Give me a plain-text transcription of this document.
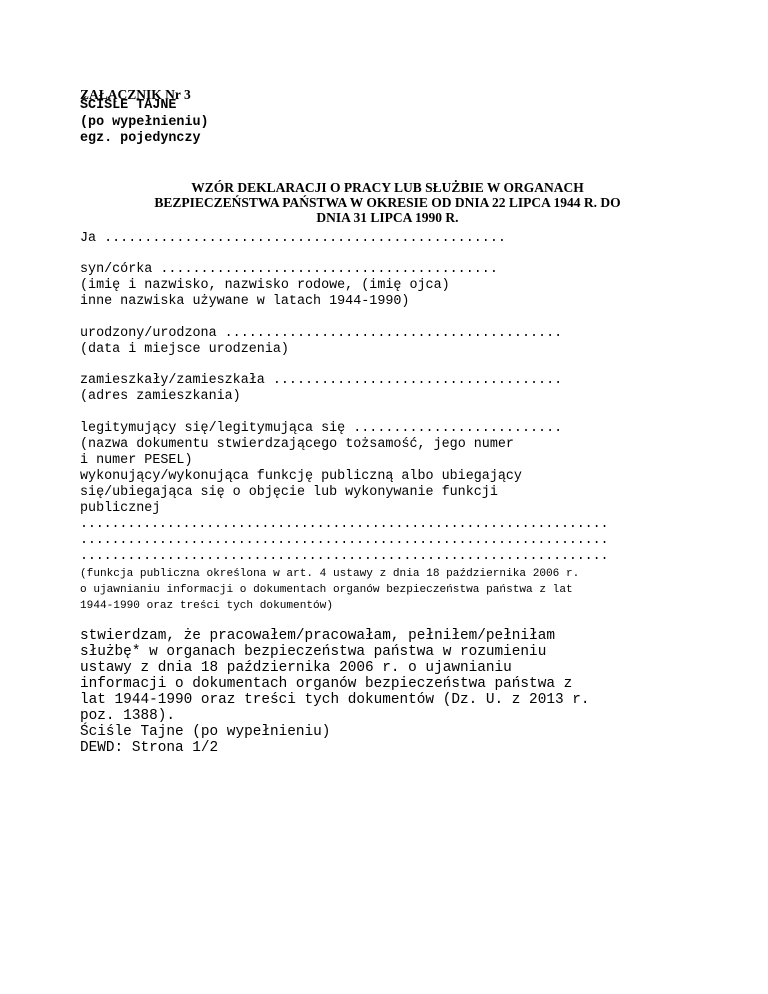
ZAŁĄCZNIK Nr 3
ŚCIŚLE TAJNE
(po wypełnieniu)
egz. pojedynczy
WZÓR DEKLARACJI O PRACY LUB SŁUŻBIE W ORGANACH
BEZPIECZEŃSTWA PAŃSTWA W OKRESIE OD DNIA 22 LIPCA 1944 R. DO
DNIA 31 LIPCA 1990 R.
Ja ..................................................
syn/córka ..........................................
(imię i nazwisko, nazwisko rodowe, (imię ojca)
inne nazwiska używane w latach 1944-1990)
urodzony/urodzona ..........................................
(data i miejsce urodzenia)
zamieszkały/zamieszkała ....................................
(adres zamieszkania)
legitymujący się/legitymująca się ..........................
(nazwa dokumentu stwierdzającego tożsamość, jego numer
i numer PESEL)
wykonujący/wykonująca funkcję publiczną albo ubiegający
się/ubiegająca się o objęcie lub wykonywanie funkcji
publicznej
...................................................................
...................................................................
...................................................................
(funkcja publiczna określona w art. 4 ustawy z dnia 18 października 2006 r.
o ujawnianiu informacji o dokumentach organów bezpieczeństwa państwa z lat
1944-1990 oraz treści tych dokumentów)
stwierdzam, że pracowałem/pracowałam, pełniłem/pełniłam
służbę* w organach bezpieczeństwa państwa w rozumieniu
ustawy z dnia 18 października 2006 r. o ujawnianiu
informacji o dokumentach organów bezpieczeństwa państwa z
lat 1944-1990 oraz treści tych dokumentów (Dz. U. z 2013 r.
poz. 1388).
Ściśle Tajne (po wypełnieniu)
DEWD: Strona 1/2
